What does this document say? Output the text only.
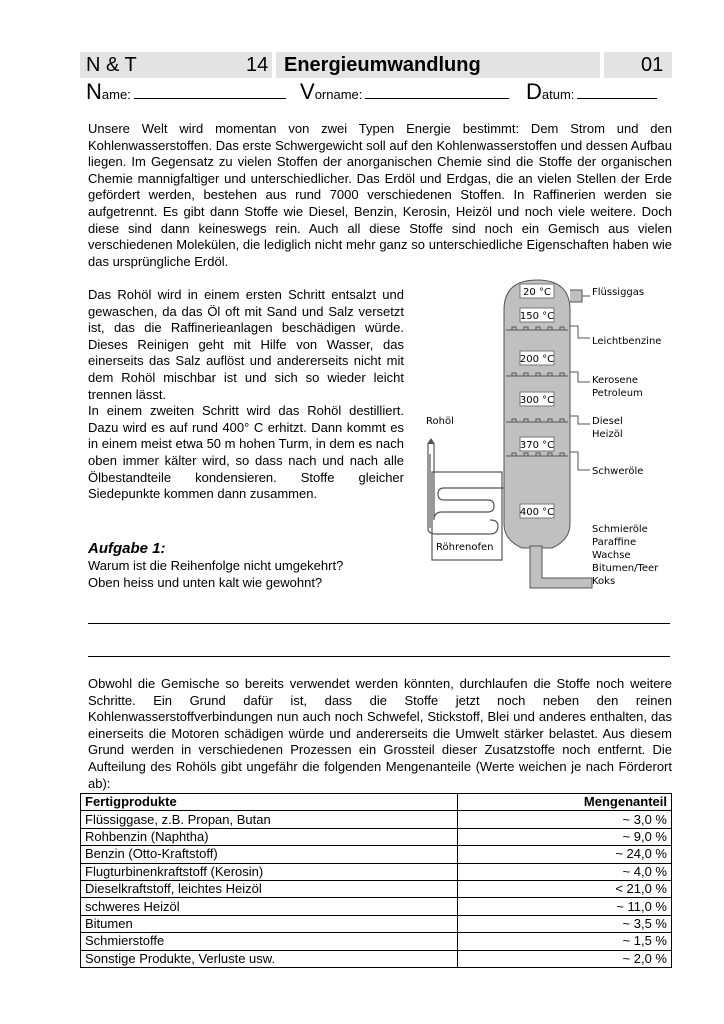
N & T	14 Energieumwandlung	01
Name:	Vorname:	Datum:
Unsere Welt wird momentan von zwei Typen Energie bestimmt: Dem Strom und den Kohlenwasserstoffen. Das erste Schwergewicht soll auf den Kohlenwasserstoffen und dessen Aufbau liegen. Im Gegensatz zu vielen Stoffen der anorganischen Chemie sind die Stoffe der organischen Chemie mannigfaltiger und unterschiedlicher. Das Erdöl und Erdgas, die an vielen Stellen der Erde gefördert werden, bestehen aus rund 7000 verschiedenen Stoffen. In Raffinerien werden sie aufgetrennt. Es gibt dann Stoffe wie Diesel, Benzin, Kerosin, Heizöl und noch viele weitere. Doch diese sind dann keineswegs rein. Auch all diese Stoffe sind noch ein Gemisch aus vielen verschiedenen Molekülen, die lediglich nicht mehr ganz so unterschiedliche Eigenschaften haben wie das ursprüngliche Erdöl.

Das Rohöl wird in einem ersten Schritt entsalzt und gewaschen, da das Öl oft mit Sand und Salz versetzt ist, das die Raffinerieanlagen beschädigen würde. Dieses Reinigen geht mit Hilfe von Wasser, das einerseits das Salz auflöst und andererseits nicht mit dem Rohöl mischbar ist und sich so wieder leicht trennen lässt.

In einem zweiten Schritt wird das Rohöl destilliert. Dazu wird es auf rund 400° C erhitzt. Dann kommt es in einem meist etwa 50 m hohen Turm, in dem es nach oben immer kälter wird, so dass nach und nach alle Ölbestandteile kondensieren. Stoffe gleicher Siedepunkte kommen dann zusammen.

20 °C
150 °C
200 °C
300 °C
370 °C
400 °C
Flüssiggas
Leichtbenzine
Kerosene
Petroleum
Diesel
Heizöl
Schweröle
Schmieröle
Paraffine
Wachse
Bitumen/Teer
Koks
Rohöl
Röhrenofen
Aufgabe 1:
Warum ist die Reihenfolge nicht umgekehrt?
Oben heiss und unten kalt wie gewohnt?
Obwohl die Gemische so bereits verwendet werden könnten, durchlaufen die Stoffe noch weitere Schritte. Ein Grund dafür ist, dass die Stoffe jetzt noch neben den reinen Kohlenwasserstoffverbindungen nun auch noch Schwefel, Stickstoff, Blei und anderes enthalten, das einerseits die Motoren schädigen würde und andererseits die Umwelt stärker belastet. Aus diesem Grund werden in verschiedenen Prozessen ein Grossteil dieser Zusatzstoffe noch entfernt. Die Aufteilung des Rohöls gibt ungefähr die folgenden Mengenanteile (Werte weichen je nach Förderort ab):
Fertigprodukte	Mengenanteil
Flüssiggase, z.B. Propan, Butan	~ 3,0 %
Rohbenzin (Naphtha)	~ 9,0 %
Benzin (Otto-Kraftstoff)	~ 24,0 %
Flugturbinenkraftstoff (Kerosin)	~ 4,0 %
Dieselkraftstoff, leichtes Heizöl	< 21,0 %
schweres Heizöl	~ 11,0 %
Bitumen	~ 3,5 %
Schmierstoffe	~ 1,5 %
Sonstige Produkte, Verluste usw.	~ 2,0 %
